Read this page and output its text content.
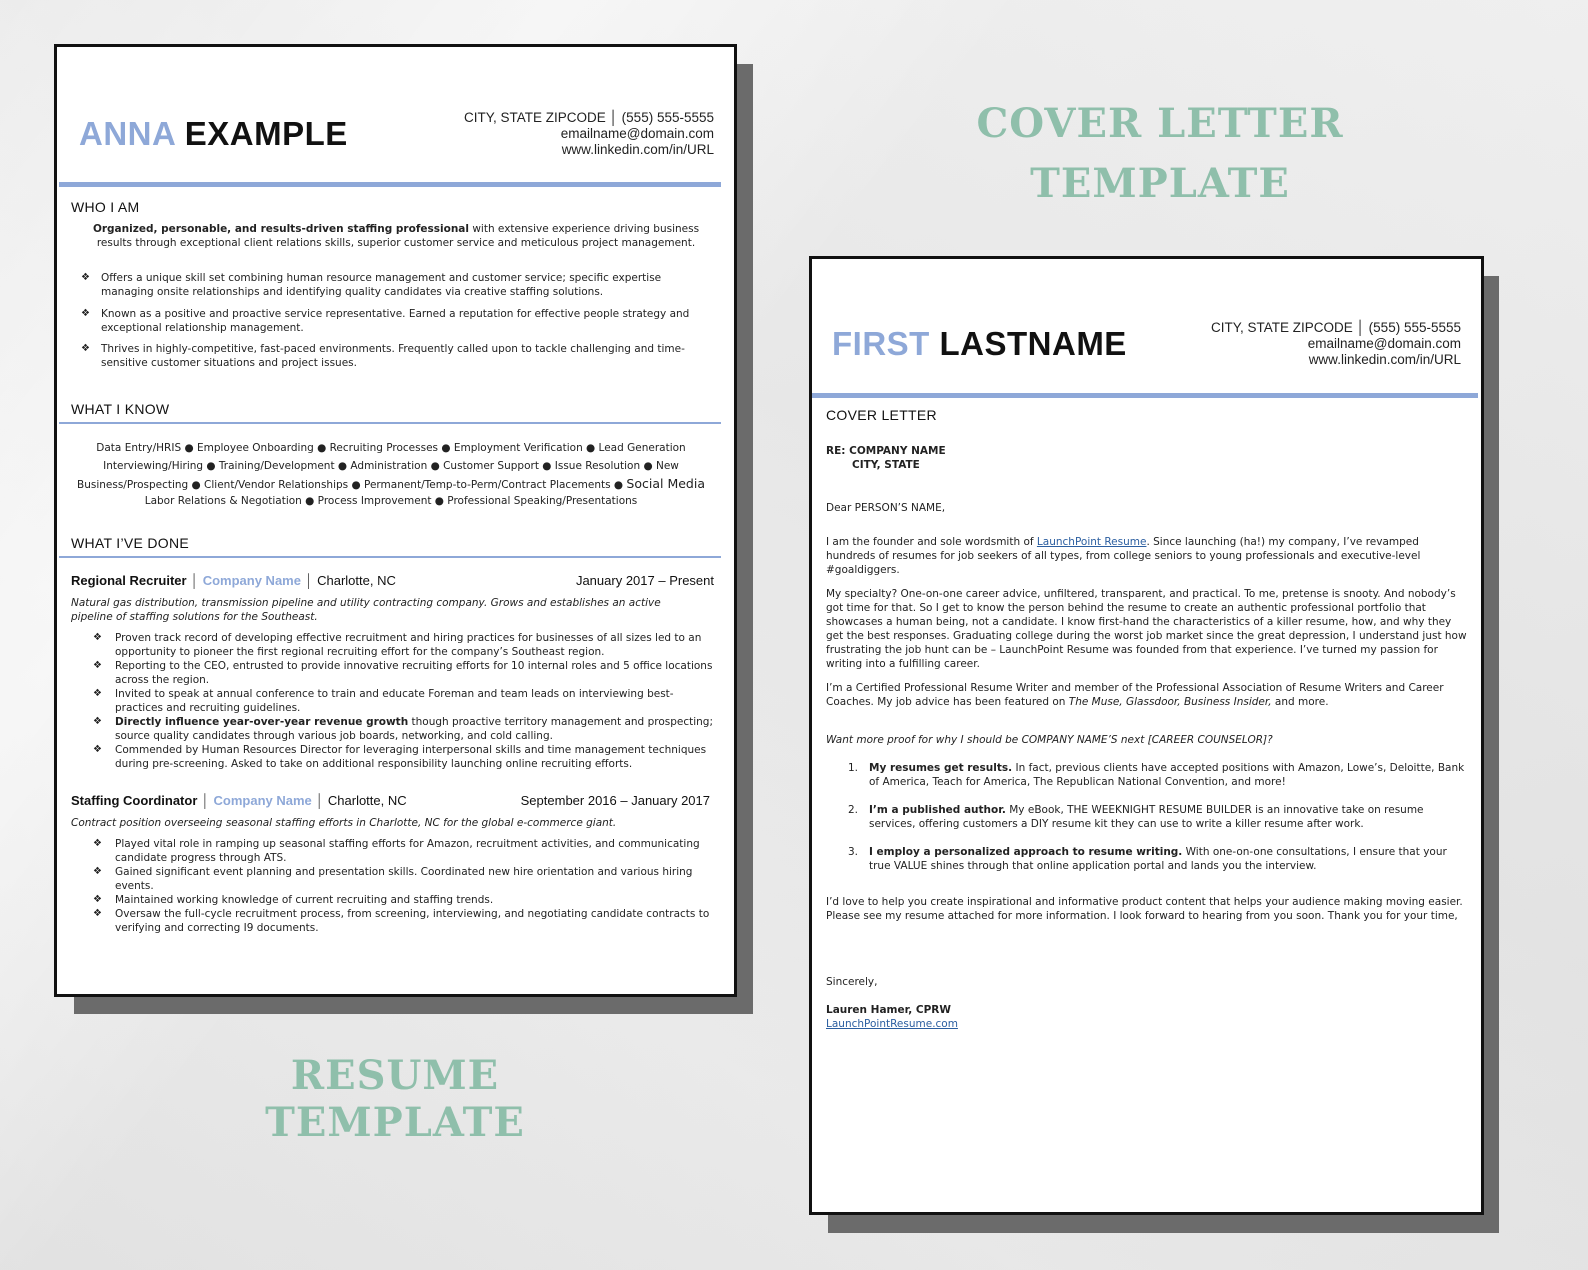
COVER LETTER
TEMPLATE
RESUME TEMPLATE
ANNA EXAMPLE	CITY, STATE ZIPCODE │ (555) 555-5555
emailname@domain.com
www.linkedin.com/in/URL
WHO I AM

Organized, personable, and results-driven staffing professional with extensive experience driving business results through exceptional client relations skills, superior customer service and meticulous project management.

❖	Offers a unique skill set combining human resource management and customer service; specific expertise managing onsite relationships and identifying quality candidates via creative staffing solutions.
❖	Known as a positive and proactive service representative. Earned a reputation for effective people strategy and exceptional relationship management.
❖	Thrives in highly-competitive, fast-paced environments. Frequently called upon to tackle challenging and time-sensitive customer situations and project issues.
WHAT I KNOW
Data Entry/HRIS ● Employee Onboarding ● Recruiting Processes ● Employment Verification ● Lead Generation
Interviewing/Hiring ● Training/Development ● Administration ● Customer Support ● Issue Resolution ● New
Business/Prospecting ● Client/Vendor Relationships ● Permanent/Temp-to-Perm/Contract Placements ● Social Media
Labor Relations & Negotiation ● Process Improvement ● Professional Speaking/Presentations
WHAT I’VE DONE
Regional Recruiter │ Company Name │ Charlotte, NC	January 2017 – Present

Natural gas distribution, transmission pipeline and utility contracting company. Grows and establishes an active pipeline of staffing solutions for the Southeast.

❖	Proven track record of developing effective recruitment and hiring practices for businesses of all sizes led to an opportunity to pioneer the first regional recruiting effort for the company’s Southeast region.
❖	Reporting to the CEO, entrusted to provide innovative recruiting efforts for 10 internal roles and 5 office locations across the region.
❖	Invited to speak at annual conference to train and educate Foreman and team leads on interviewing best-practices and recruiting guidelines.
❖	Directly influence year-over-year revenue growth though proactive territory management and prospecting; source quality candidates through various job boards, networking, and cold calling.
❖	Commended by Human Resources Director for leveraging interpersonal skills and time management techniques during pre-screening. Asked to take on additional responsibility launching online recruiting efforts.
Staffing Coordinator │ Company Name │ Charlotte, NC	September 2016 – January 2017

Contract position overseeing seasonal staffing efforts in Charlotte, NC for the global e-commerce giant.

❖	Played vital role in ramping up seasonal staffing efforts for Amazon, recruitment activities, and communicating candidate progress through ATS.
❖	Gained significant event planning and presentation skills. Coordinated new hire orientation and various hiring events.
❖	Maintained working knowledge of current recruiting and staffing trends.
❖	Oversaw the full-cycle recruitment process, from screening, interviewing, and negotiating candidate contracts to verifying and correcting I9 documents.
FIRST LASTNAME	CITY, STATE ZIPCODE │ (555) 555-5555
emailname@domain.com
www.linkedin.com/in/URL
COVER LETTER
RE: COMPANY NAME
CITY, STATE
Dear PERSON’S NAME,
I am the founder and sole wordsmith of LaunchPoint Resume. Since launching (ha!) my company, I’ve revamped hundreds of resumes for job seekers of all types, from college seniors to young professionals and executive-level #goaldiggers.
My specialty? One-on-one career advice, unfiltered, transparent, and practical. To me, pretense is snooty. And nobody’s got time for that. So I get to know the person behind the resume to create an authentic professional portfolio that showcases a human being, not a candidate. I know first-hand the characteristics of a killer resume, how, and why they get the best responses. Graduating college during the worst job market since the great depression, I understand just how frustrating the job hunt can be – LaunchPoint Resume was founded from that experience. I’ve turned my passion for writing into a fulfilling career.
I’m a Certified Professional Resume Writer and member of the Professional Association of Resume Writers and Career Coaches. My job advice has been featured on The Muse, Glassdoor, Business Insider, and more.
Want more proof for why I should be COMPANY NAME’S next [CAREER COUNSELOR]?
1. My resumes get results. In fact, previous clients have accepted positions with Amazon, Lowe’s, Deloitte, Bank of America, Teach for America, The Republican National Convention, and more!
2. I’m a published author. My eBook, THE WEEKNIGHT RESUME BUILDER is an innovative take on resume services, offering customers a DIY resume kit they can use to write a killer resume after work.
3. I employ a personalized approach to resume writing. With one-on-one consultations, I ensure that your true VALUE shines through that online application portal and lands you the interview.
I’d love to help you create inspirational and informative product content that helps your audience making moving easier. Please see my resume attached for more information. I look forward to hearing from you soon. Thank you for your time,
Sincerely,
Lauren Hamer, CPRW
LaunchPointResume.com
